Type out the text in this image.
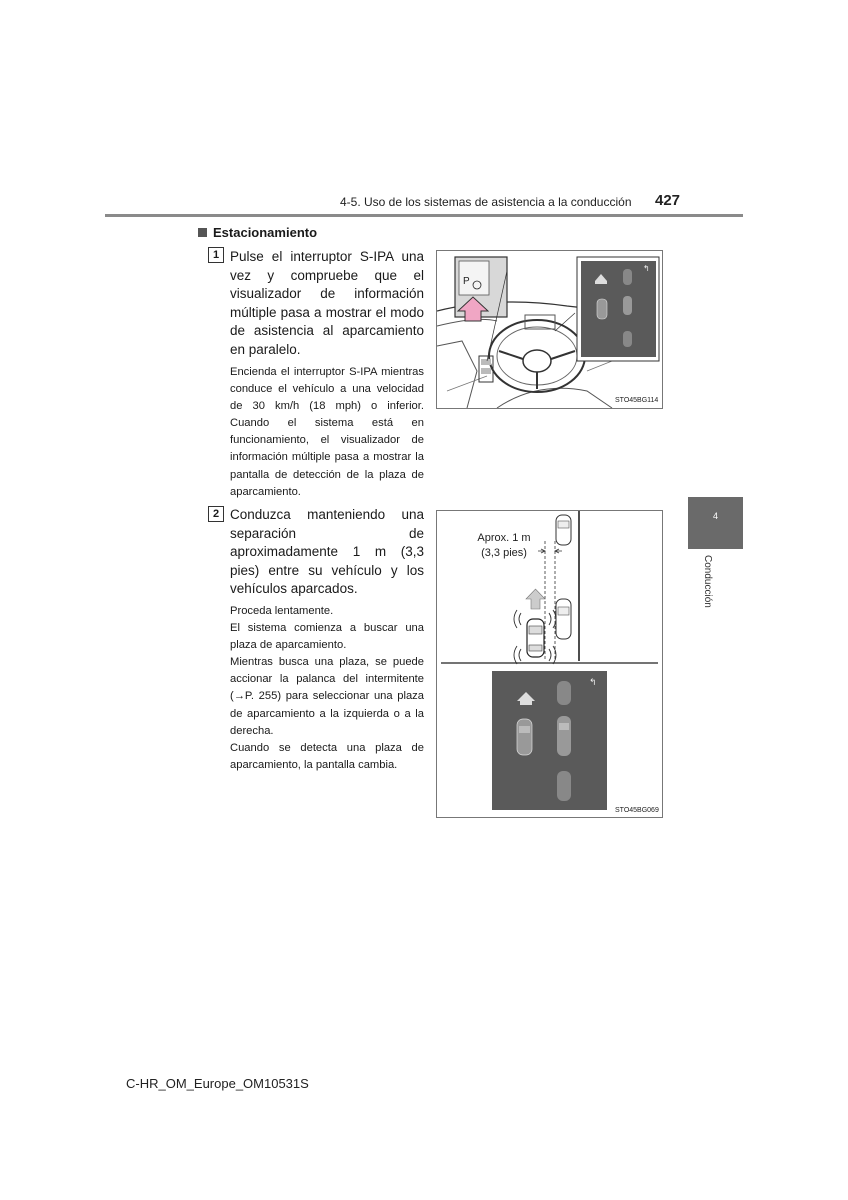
4-5. Uso de los sistemas de asistencia a la conducción 427
Estacionamiento
1 Pulse el interruptor S-IPA una vez y compruebe que el visualizador de información múltiple pasa a mostrar el modo de asistencia al aparcamiento en paralelo.
Encienda el interruptor S-IPA mientras conduce el vehículo a una velocidad de 30 km/h (18 mph) o inferior. Cuando el sistema está en funcionamiento, el visualizador de información múltiple pasa a mostrar la pantalla de detección de la plaza de aparcamiento.
2 Conduzca manteniendo una separación de aproximadamente 1 m (3,3 pies) entre su vehículo y los vehículos aparcados.
Proceda lentamente.
El sistema comienza a buscar una plaza de aparcamiento.
Mientras busca una plaza, se puede accionar la palanca del intermitente (→P. 255) para seleccionar una plaza de aparcamiento a la izquierda o a la derecha.
Cuando se detecta una plaza de aparcamiento, la pantalla cambia.
P
↰
STO45BG114
↰
Aprox. 1 m
(3,3 pies)
STO45BG069
4
Conducción
C-HR_OM_Europe_OM10531S
